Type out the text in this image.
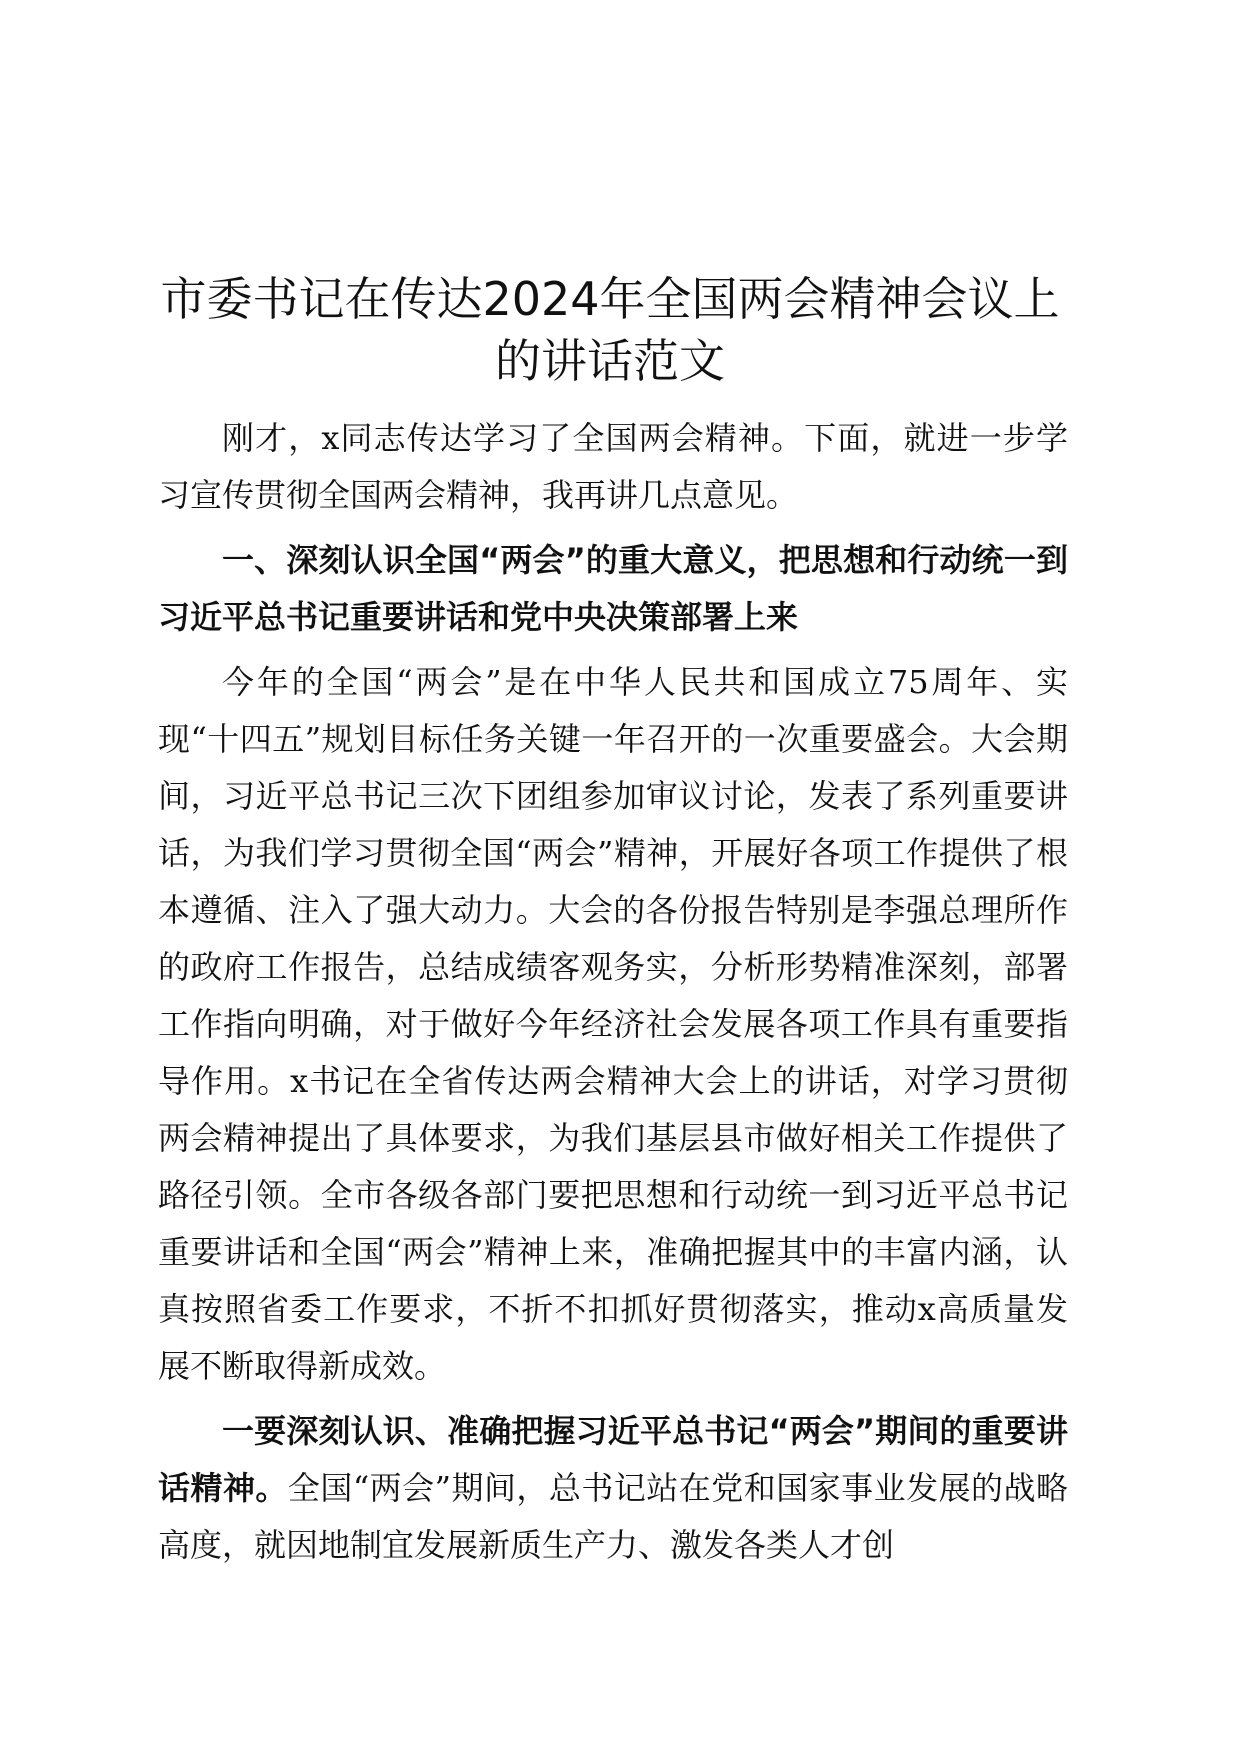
市委书记在传达2024年全国两会精神会议上的讲话范文

刚才，x同志传达学习了全国两会精神。下面，就进一步学习宣传贯彻全国两会精神，我再讲几点意见。

一、深刻认识全国“两会”的重大意义，把思想和行动统一到习近平总书记重要讲话和党中央决策部署上来

今年的全国“两会”是在中华人民共和国成立75周年、实现“十四五”规划目标任务关键一年召开的一次重要盛会。大会期间，习近平总书记三次下团组参加审议讨论，发表了系列重要讲话，为我们学习贯彻全国“两会”精神，开展好各项工作提供了根本遵循、注入了强大动力。大会的各份报告特别是李强总理所作的政府工作报告，总结成绩客观务实，分析形势精准深刻，部署工作指向明确，对于做好今年经济社会发展各项工作具有重要指导作用。x书记在全省传达两会精神大会上的讲话，对学习贯彻两会精神提出了具体要求，为我们基层县市做好相关工作提供了路径引领。全市各级各部门要把思想和行动统一到习近平总书记重要讲话和全国“两会”精神上来，准确把握其中的丰富内涵，认真按照省委工作要求，不折不扣抓好贯彻落实，推动x高质量发展不断取得新成效。

一要深刻认识、准确把握习近平总书记“两会”期间的重要讲话精神。全国“两会”期间，总书记站在党和国家事业发展的战略高度，就因地制宜发展新质生产力、激发各类人才创
